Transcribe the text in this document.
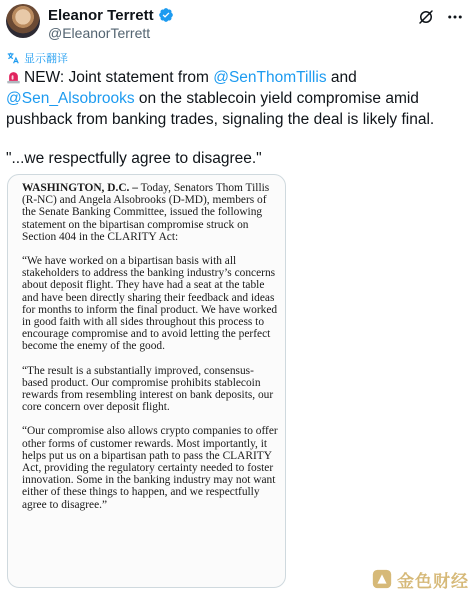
Eleanor Terrett
@EleanorTerrett
显示翻译

NEW: Joint statement from @SenThomTillis and @Sen_Alsobrooks on the stablecoin yield compromise amid pushback from banking trades, signaling the deal is likely final.

"...we respectfully agree to disagree."

WASHINGTON, D.C. – Today, Senators Thom Tillis (R-NC) and Angela Alsobrooks (D-MD), members of the Senate Banking Committee, issued the following statement on the bipartisan compromise struck on Section 404 in the CLARITY Act:

“We have worked on a bipartisan basis with all stakeholders to address the banking industry’s concerns about deposit flight. They have had a seat at the table and have been directly sharing their feedback and ideas for months to inform the final product. We have worked in good faith with all sides throughout this process to encourage compromise and to avoid letting the perfect become the enemy of the good.

“The result is a substantially improved, consensus-based product. Our compromise prohibits stablecoin rewards from resembling interest on bank deposits, our core concern over deposit flight.

“Our compromise also allows crypto companies to offer other forms of customer rewards. Most importantly, it helps put us on a bipartisan path to pass the CLARITY Act, providing the regulatory certainty needed to foster innovation. Some in the banking industry may not want either of these things to happen, and we respectfully agree to disagree.”

金色财经
